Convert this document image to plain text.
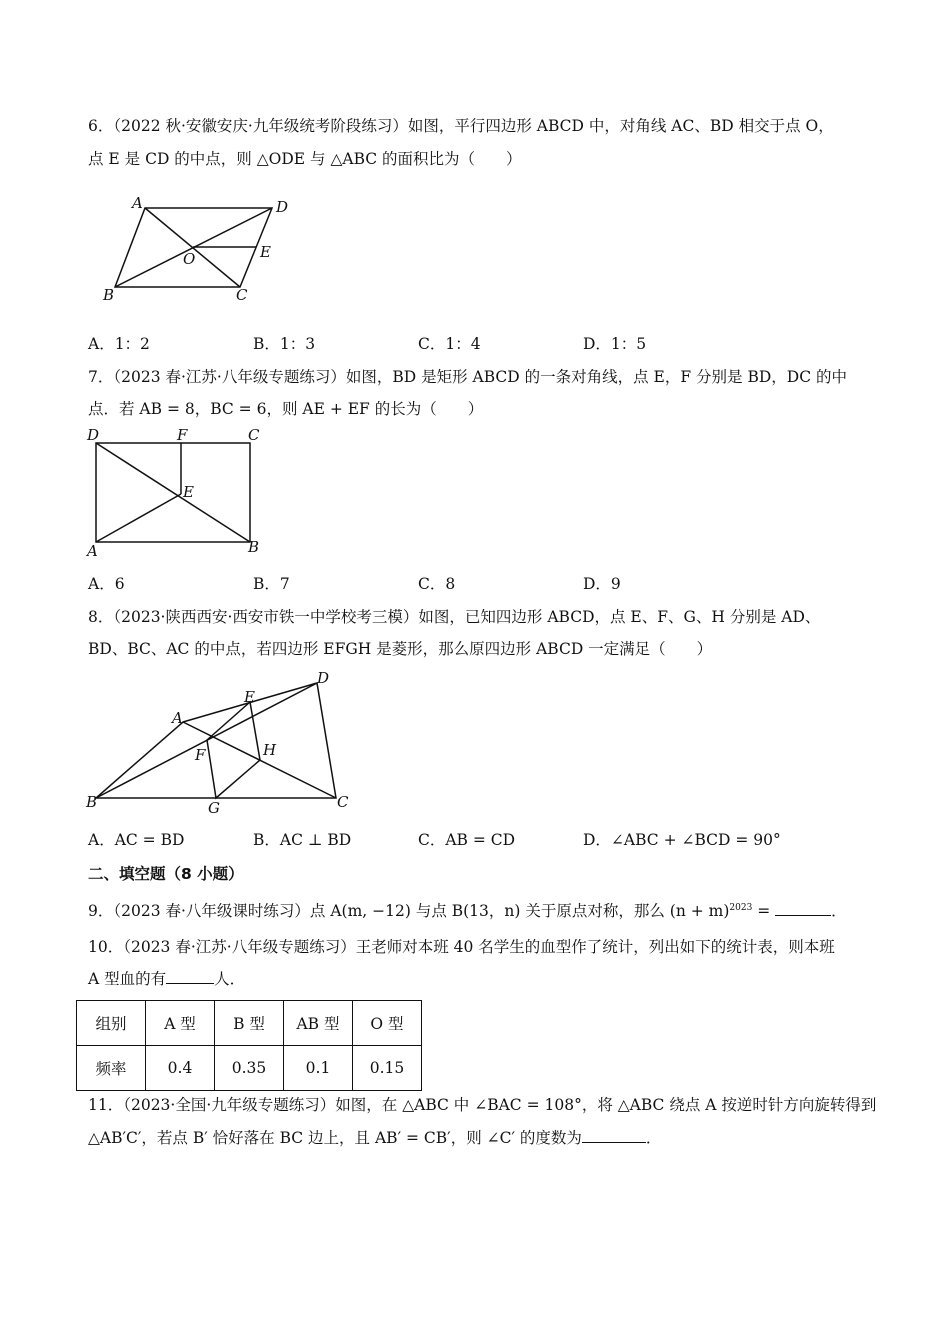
6．（2022 秋·安徽安庆·九年级统考阶段练习）如图，平行四边形 ABCD 中，对角线 AC、BD 相交于点 O，
点 E 是 CD 的中点，则 △ODE 与 △ABC 的面积比为（　　）
A	D
O	E
B	C
A．1：2	B．1：3	C．1：4	D．1：5
7．（2023 春·江苏·八年级专题练习）如图，BD 是矩形 ABCD 的一条对角线，点 E，F 分别是 BD，DC 的中
点．若 AB = 8，BC = 6，则 AE + EF 的长为（　　）
D	F	C
E
A	B
A．6	B．7	C．8	D．9
8．（2023·陕西西安·西安市铁一中学校考三模）如图，已知四边形 ABCD，点 E、F、G、H 分别是 AD、
BD、BC、AC 的中点，若四边形 EFGH 是菱形，那么原四边形 ABCD 一定满足（　　）
A
E
D
F	H
B	G	C
A．AC = BD	B．AC ⊥ BD	C．AB = CD	D．∠ABC + ∠BCD = 90°
二、填空题（8 小题）
9．（2023 春·八年级课时练习）点 A(m, −12) 与点 B(13，n) 关于原点对称，那么 $(n + m)^{2023}$ =	．
10．（2023 春·江苏·八年级专题练习）王老师对本班 40 名学生的血型作了统计，列出如下的统计表，则本班
A 型血的有	人．
组别	A 型	B 型	AB 型	O 型
频率	0.4	0.35	0.1	0.15
11．（2023·全国·九年级专题练习）如图，在 △ABC 中 ∠BAC = 108°，将 △ABC 绕点 A 按逆时针方向旋转得到
△AB′C′，若点 B′ 恰好落在 BC 边上，且 AB′ = CB′，则 ∠C′ 的度数为	．
